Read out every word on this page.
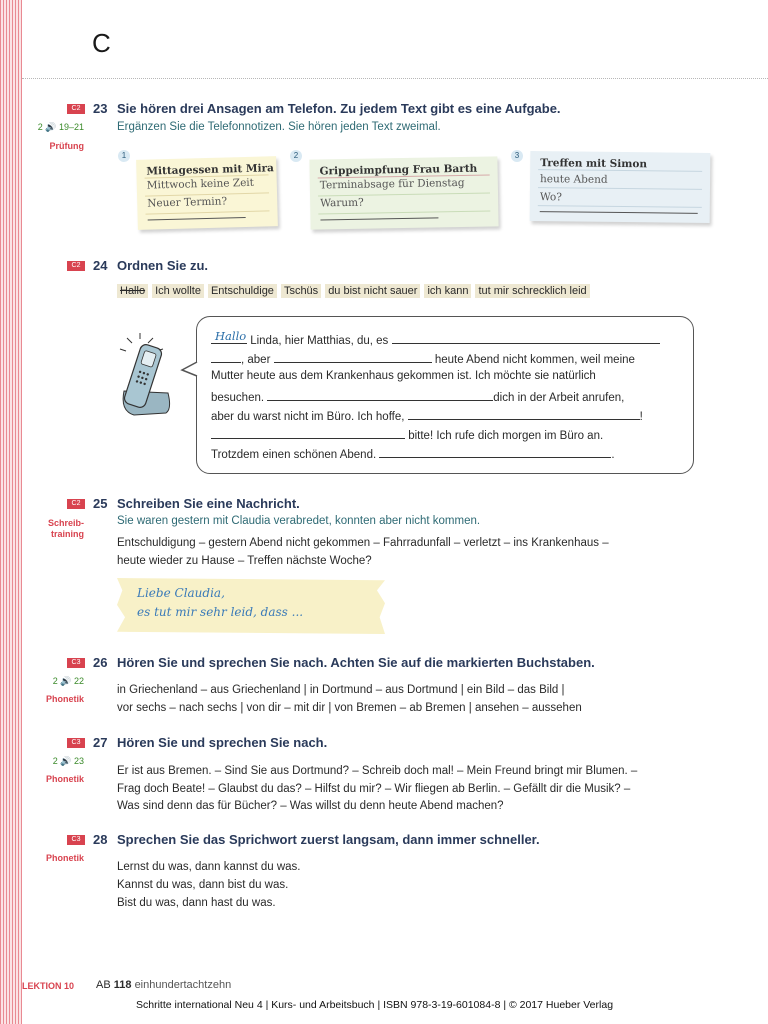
C
C2
2 🔊 19–21
Prüfung
23 Sie hören drei Ansagen am Telefon. Zu jedem Text gibt es eine Aufgabe.
Ergänzen Sie die Telefonnotizen. Sie hören jeden Text zweimal.
1
Mittagessen mit Mira
Mittwoch keine Zeit
Neuer Termin?
2
Grippeimpfung Frau Barth
Terminabsage für Dienstag
Warum?
3
Treffen mit Simon
heute Abend
Wo?
C2 24 Ordnen Sie zu.
Hallo Ich wollte Entschuldige Tschüs du bist nicht sauer ich kann tut mir schrecklich leid
Hallo Linda, hier Matthias, du, es
, aber	heute Abend nicht kommen, weil meine
Mutter heute aus dem Krankenhaus gekommen ist. Ich möchte sie natürlich
besuchen.	dich in der Arbeit anrufen,
aber du warst nicht im Büro. Ich hoffe,	!
bitte! Ich rufe dich morgen im Büro an.
Trotzdem einen schönen Abend.	.
C2
Schreib-
training
25 Schreiben Sie eine Nachricht.
Sie waren gestern mit Claudia verabredet, konnten aber nicht kommen.
Entschuldigung – gestern Abend nicht gekommen – Fahrradunfall – verletzt – ins Krankenhaus –
heute wieder zu Hause – Treffen nächste Woche?
Liebe Claudia,
es tut mir sehr leid, dass ...
C3
2 🔊 22
Phonetik
26 Hören Sie und sprechen Sie nach. Achten Sie auf die markierten Buchstaben.
in Griechenland – aus Griechenland | in Dortmund – aus Dortmund | ein Bild – das Bild |
vor sechs – nach sechs | von dir – mit dir | von Bremen – ab Bremen | ansehen – aussehen
C3
2 🔊 23
Phonetik
27 Hören Sie und sprechen Sie nach.
Er ist aus Bremen. – Sind Sie aus Dortmund? – Schreib doch mal! – Mein Freund bringt mir Blumen. –
Frag doch Beate! – Glaubst du das? – Hilfst du mir? – Wir fliegen ab Berlin. – Gefällt dir die Musik? –
Was sind denn das für Bücher? – Was willst du denn heute Abend machen?
C3
Phonetik
28 Sprechen Sie das Sprichwort zuerst langsam, dann immer schneller.
Lernst du was, dann kannst du was.
Kannst du was, dann bist du was.
Bist du was, dann hast du was.
LEKTION 10 AB 118 einhundertachtzehn
Schritte international Neu 4 | Kurs- und Arbeitsbuch | ISBN 978-3-19-601084-8 | © 2017 Hueber Verlag
